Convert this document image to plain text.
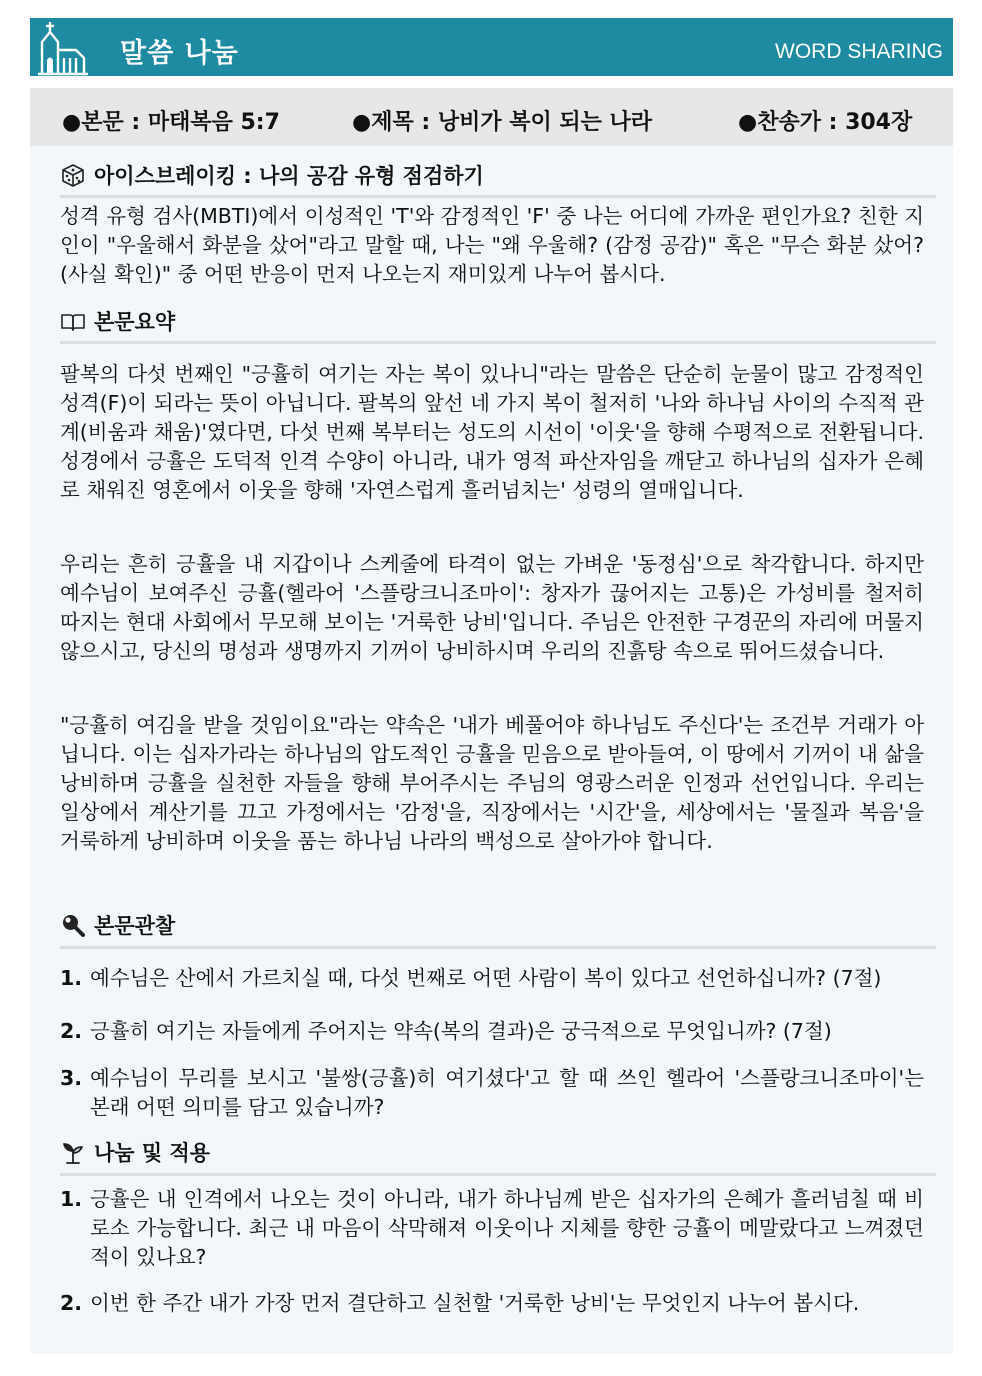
말씀 나눔	WORD SHARING
●본문 : 마태복음 5:7	●제목 : 낭비가 복이 되는 나라	●찬송가 : 304장
아이스브레이킹 : 나의 공감 유형 점검하기

성격 유형 검사(MBTI)에서 이성적인 'T'와 감정적인 'F' 중 나는 어디에 가까운 편인가요? 친한 지인이 "우울해서 화분을 샀어"라고 말할 때, 나는 "왜 우울해? (감정 공감)" 혹은 "무슨 화분 샀어? (사실 확인)" 중 어떤 반응이 먼저 나오는지 재미있게 나누어 봅시다.

본문요약

팔복의 다섯 번째인 "긍휼히 여기는 자는 복이 있나니"라는 말씀은 단순히 눈물이 많고 감정적인 성격(F)이 되라는 뜻이 아닙니다. 팔복의 앞선 네 가지 복이 철저히 '나와 하나님 사이의 수직적 관계(비움과 채움)'였다면, 다섯 번째 복부터는 성도의 시선이 '이웃'을 향해 수평적으로 전환됩니다. 성경에서 긍휼은 도덕적 인격 수양이 아니라, 내가 영적 파산자임을 깨닫고 하나님의 십자가 은혜로 채워진 영혼에서 이웃을 향해 '자연스럽게 흘러넘치는' 성령의 열매입니다.

우리는 흔히 긍휼을 내 지갑이나 스케줄에 타격이 없는 가벼운 '동정심'으로 착각합니다. 하지만 예수님이 보여주신 긍휼(헬라어 '스플랑크니조마이': 창자가 끊어지는 고통)은 가성비를 철저히 따지는 현대 사회에서 무모해 보이는 '거룩한 낭비'입니다. 주님은 안전한 구경꾼의 자리에 머물지 않으시고, 당신의 명성과 생명까지 기꺼이 낭비하시며 우리의 진흙탕 속으로 뛰어드셨습니다.

"긍휼히 여김을 받을 것임이요"라는 약속은 '내가 베풀어야 하나님도 주신다'는 조건부 거래가 아닙니다. 이는 십자가라는 하나님의 압도적인 긍휼을 믿음으로 받아들여, 이 땅에서 기꺼이 내 삶을 낭비하며 긍휼을 실천한 자들을 향해 부어주시는 주님의 영광스러운 인정과 선언입니다. 우리는 일상에서 계산기를 끄고 가정에서는 '감정'을, 직장에서는 '시간'을, 세상에서는 '물질과 복음'을 거룩하게 낭비하며 이웃을 품는 하나님 나라의 백성으로 살아가야 합니다.

본문관찰
1. 예수님은 산에서 가르치실 때, 다섯 번째로 어떤 사람이 복이 있다고 선언하십니까? (7절)
2. 긍휼히 여기는 자들에게 주어지는 약속(복의 결과)은 궁극적으로 무엇입니까? (7절)
3. 예수님이 무리를 보시고 '불쌍(긍휼)히 여기셨다'고 할 때 쓰인 헬라어 '스플랑크니조마이'는 본래 어떤 의미를 담고 있습니까?
나눔 및 적용
1. 긍휼은 내 인격에서 나오는 것이 아니라, 내가 하나님께 받은 십자가의 은혜가 흘러넘칠 때 비로소 가능합니다. 최근 내 마음이 삭막해져 이웃이나 지체를 향한 긍휼이 메말랐다고 느껴졌던 적이 있나요?
2. 이번 한 주간 내가 가장 먼저 결단하고 실천할 '거룩한 낭비'는 무엇인지 나누어 봅시다.
